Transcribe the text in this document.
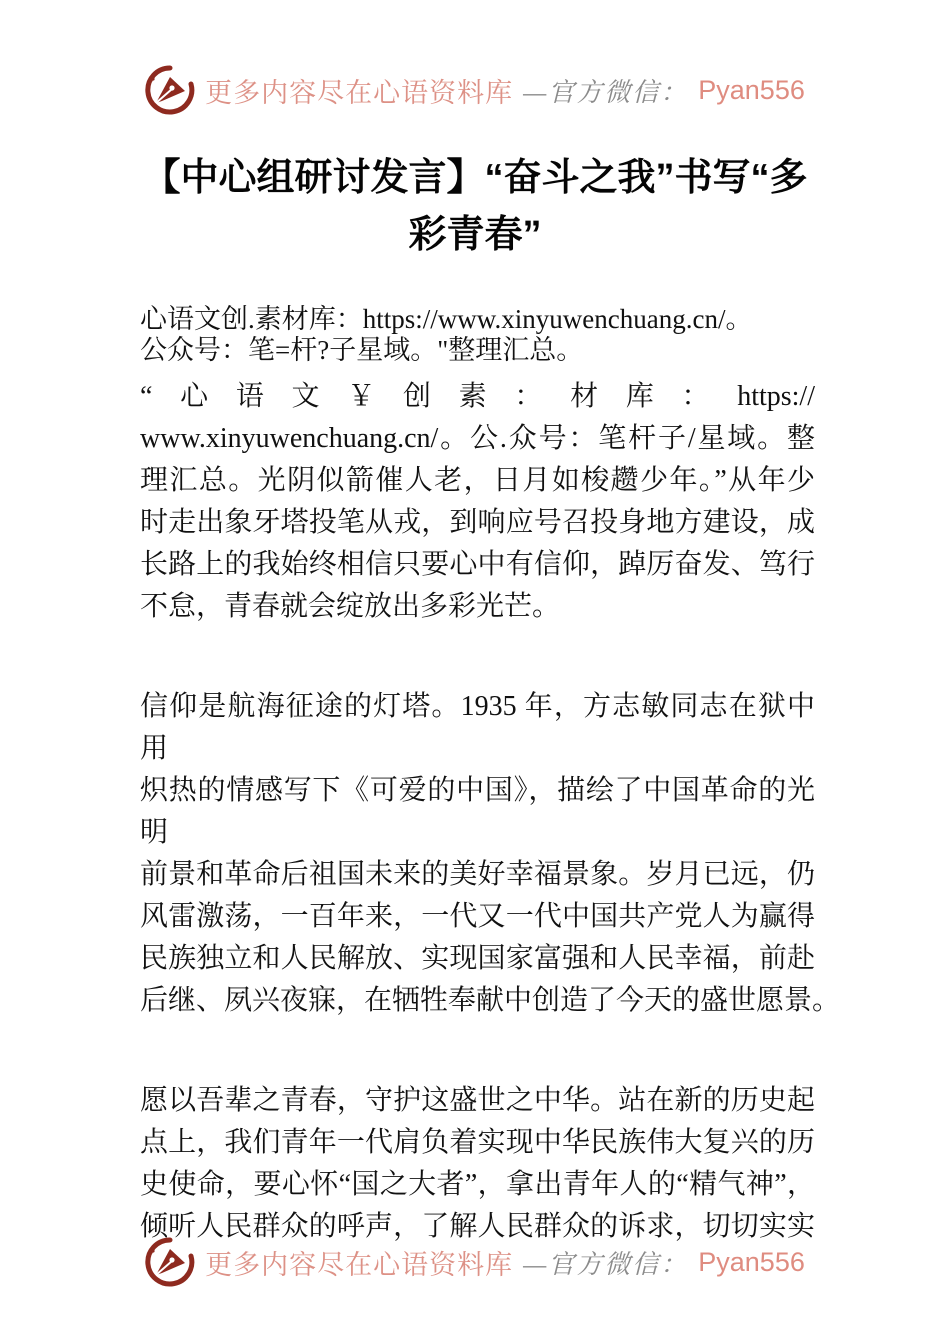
更多内容尽在心语资料库 —官方微信： Pyan556
【中心组研讨发言】“奋斗之我”书写“多
彩青春”
心语文创.素材库：https://www.xinyuwenchuang.cn/。
公众号：笔=杆?子星域。"整理汇总。
“心语文￥创素：材库：https://
www.xinyuwenchuang.cn/。公.众号：笔杆子/星域。整
理汇总。光阴似箭催人老，日月如梭趱少年。”从年少
时走出象牙塔投笔从戎，到响应号召投身地方建设，成
长路上的我始终相信只要心中有信仰，踔厉奋发、笃行
不怠，青春就会绽放出多彩光芒。
信仰是航海征途的灯塔。1935 年，方志敏同志在狱中用
炽热的情感写下《可爱的中国》，描绘了中国革命的光明
前景和革命后祖国未来的美好幸福景象。岁月已远，仍
风雷激荡，一百年来，一代又一代中国共产党人为赢得
民族独立和人民解放、实现国家富强和人民幸福，前赴
后继、夙兴夜寐，在牺牲奉献中创造了今天的盛世愿景。
愿以吾辈之青春，守护这盛世之中华。站在新的历史起
点上，我们青年一代肩负着实现中华民族伟大复兴的历
史使命，要心怀“国之大者”，拿出青年人的“精气神”，
倾听人民群众的呼声，了解人民群众的诉求，切切实实
更多内容尽在心语资料库 —官方微信： Pyan556
